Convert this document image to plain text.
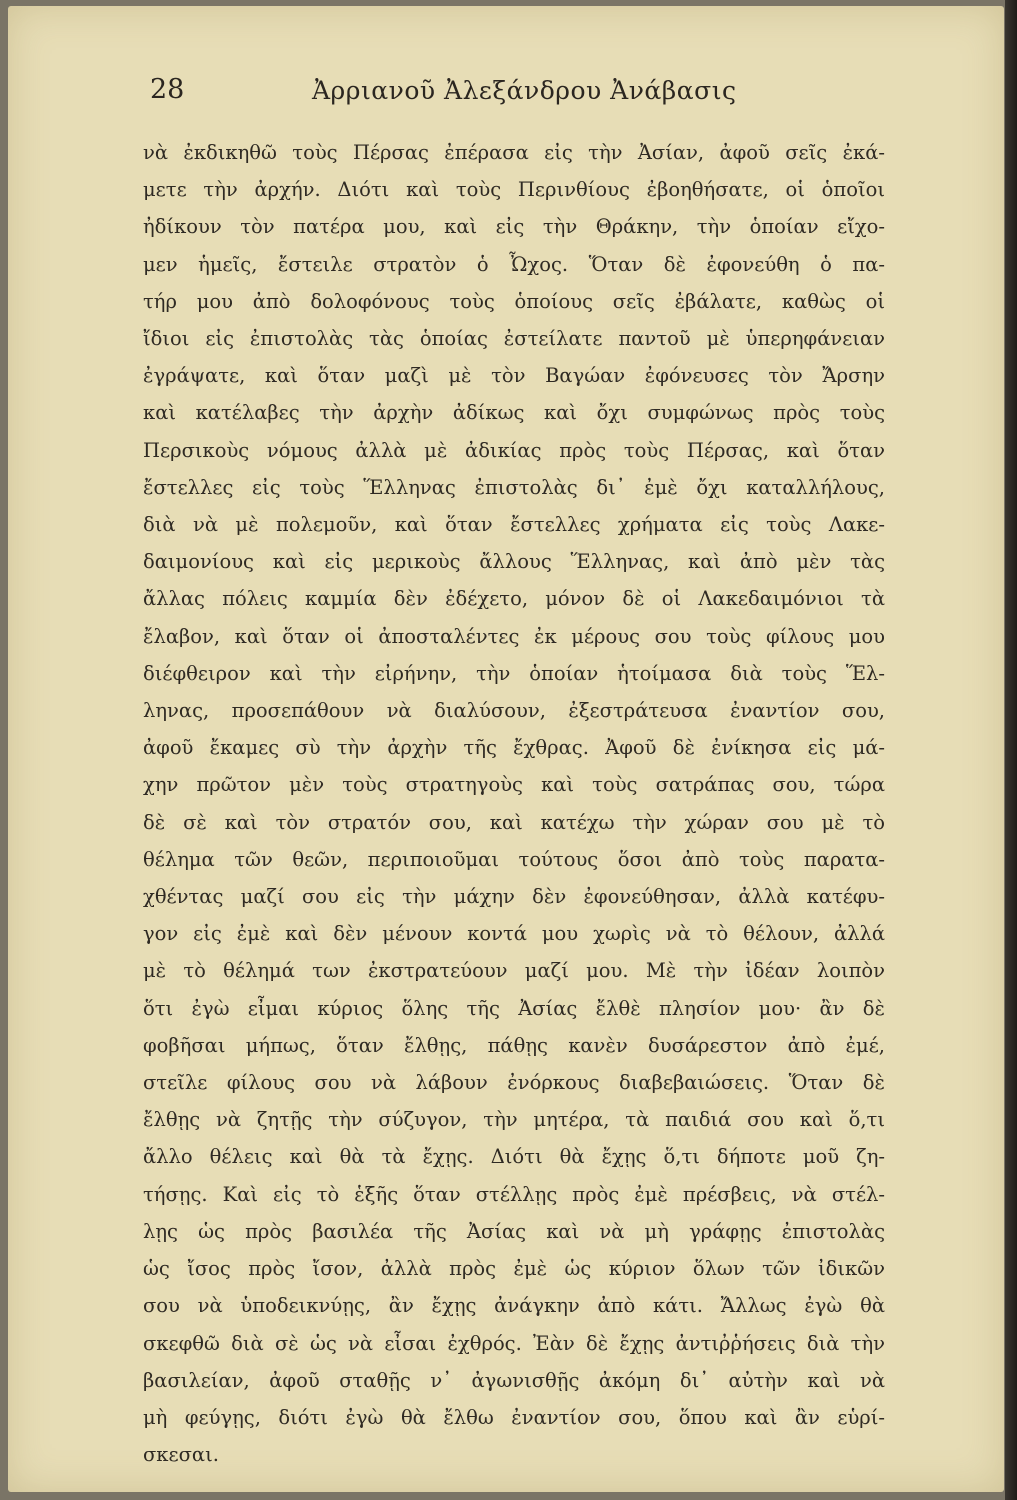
28	Ἀρριανοῦ Ἀλεξάνδρου Ἀνάβασις
νὰ ἐκδικηθῶ τοὺς Πέρσας ἐπέρασα εἰς τὴν Ἀσίαν, ἀφοῦ σεῖς ἐκά-
μετε τὴν ἀρχήν. Διότι καὶ τοὺς Περινθίους ἐβοηθήσατε, οἱ ὁποῖοι
ἠδίκουν τὸν πατέρα μου, καὶ εἰς τὴν Θράκην, τὴν ὁποίαν εἴχο-
μεν ἡμεῖς, ἔστειλε στρατὸν ὁ Ὦχος. Ὅταν δὲ ἐφονεύθη ὁ πα-
τήρ μου ἀπὸ δολοφόνους τοὺς ὁποίους σεῖς ἐβάλατε, καθὼς οἱ
ἴδιοι εἰς ἐπιστολὰς τὰς ὁποίας ἐστείλατε παντοῦ μὲ ὑπερηφάνειαν
ἐγράψατε, καὶ ὅταν μαζὶ μὲ τὸν Βαγώαν ἐφόνευσες τὸν Ἄρσην
καὶ κατέλαβες τὴν ἀρχὴν ἀδίκως καὶ ὄχι συμφώνως πρὸς τοὺς
Περσικοὺς νόμους ἀλλὰ μὲ ἀδικίας πρὸς τοὺς Πέρσας, καὶ ὅταν
ἔστελλες εἰς τοὺς Ἕλληνας ἐπιστολὰς δι᾿ ἐμὲ ὄχι καταλλήλους,
διὰ νὰ μὲ πολεμοῦν, καὶ ὅταν ἔστελλες χρήματα εἰς τοὺς Λακε-
δαιμονίους καὶ εἰς μερικοὺς ἄλλους Ἕλληνας, καὶ ἀπὸ μὲν τὰς
ἄλλας πόλεις καμμία δὲν ἐδέχετο, μόνον δὲ οἱ Λακεδαιμόνιοι τὰ
ἔλαβον, καὶ ὅταν οἱ ἀποσταλέντες ἐκ μέρους σου τοὺς φίλους μου
διέφθειρον καὶ τὴν εἰρήνην, τὴν ὁποίαν ἡτοίμασα διὰ τοὺς Ἕλ-
ληνας, προσεπάθουν νὰ διαλύσουν, ἐξεστράτευσα ἐναντίον σου,
ἀφοῦ ἔκαμες σὺ τὴν ἀρχὴν τῆς ἔχθρας. Ἀφοῦ δὲ ἐνίκησα εἰς μά-
χην πρῶτον μὲν τοὺς στρατηγοὺς καὶ τοὺς σατράπας σου, τώρα
δὲ σὲ καὶ τὸν στρατόν σου, καὶ κατέχω τὴν χώραν σου μὲ τὸ
θέλημα τῶν θεῶν, περιποιοῦμαι τούτους ὅσοι ἀπὸ τοὺς παρατα-
χθέντας μαζί σου εἰς τὴν μάχην δὲν ἐφονεύθησαν, ἀλλὰ κατέφυ-
γον εἰς ἐμὲ καὶ δὲν μένουν κοντά μου χωρὶς νὰ τὸ θέλουν, ἀλλά
μὲ τὸ θέλημά των ἐκστρατεύουν μαζί μου. Μὲ τὴν ἰδέαν λοιπὸν
ὅτι ἐγὼ εἶμαι κύριος ὅλης τῆς Ἀσίας ἔλθὲ πλησίον μου· ἂν δὲ
φοβῆσαι μήπως, ὅταν ἔλθῃς, πάθῃς κανὲν δυσάρεστον ἀπὸ ἐμέ,
στεῖλε φίλους σου νὰ λάβουν ἐνόρκους διαβεβαιώσεις. Ὅταν δὲ
ἔλθῃς νὰ ζητῇς τὴν σύζυγον, τὴν μητέρα, τὰ παιδιά σου καὶ ὅ,τι
ἄλλο θέλεις καὶ θὰ τὰ ἔχῃς. Διότι θὰ ἔχῃς ὅ,τι δήποτε μοῦ ζη-
τήσῃς. Καὶ εἰς τὸ ἑξῆς ὅταν στέλλῃς πρὸς ἐμὲ πρέσβεις, νὰ στέλ-
λῃς ὡς πρὸς βασιλέα τῆς Ἀσίας καὶ νὰ μὴ γράφῃς ἐπιστολὰς
ὡς ἴσος πρὸς ἴσον, ἀλλὰ πρὸς ἐμὲ ὡς κύριον ὅλων τῶν ἰδικῶν
σου νὰ ὑποδεικνύῃς, ἂν ἔχῃς ἀνάγκην ἀπὸ κάτι. Ἄλλως ἐγὼ θὰ
σκεφθῶ διὰ σὲ ὡς νὰ εἶσαι ἐχθρός. Ἐὰν δὲ ἔχῃς ἀντιῤῥήσεις διὰ τὴν
βασιλείαν, ἀφοῦ σταθῇς ν᾿ ἀγωνισθῇς ἀκόμη δι᾿ αὐτὴν καὶ νὰ
μὴ φεύγῃς, διότι ἐγὼ θὰ ἔλθω ἐναντίον σου, ὅπου καὶ ἂν εὑρί-
σκεσαι.
